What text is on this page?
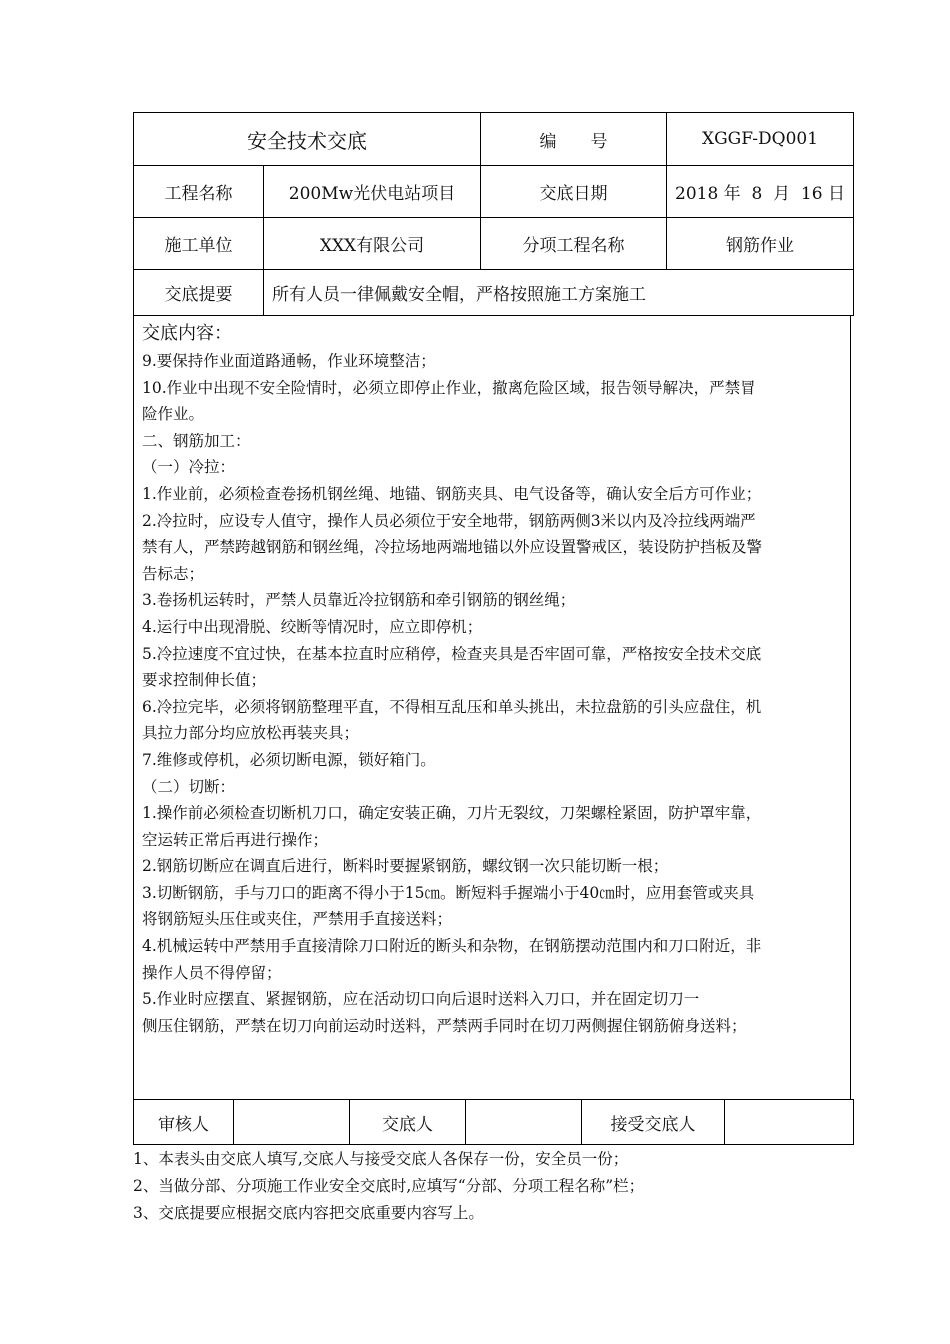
安全技术交底		编　　号	XGGF-DQ001
工程名称	200Mw光伏电站项目	交底日期	2018 年  8  月  16 日
施工单位	XXX有限公司	分项工程名称	钢筋作业
交底提要	所有人员一律佩戴安全帽，严格按照施工方案施工		

交底内容：

9.要保持作业面道路通畅，作业环境整洁；

10.作业中出现不安全险情时，必须立即停止作业，撤离危险区域，报告领导解决，严禁冒

险作业。

二、钢筋加工：

（一）冷拉：

1.作业前，必须检查卷扬机钢丝绳、地锚、钢筋夹具、电气设备等，确认安全后方可作业；

2.冷拉时，应设专人值守，操作人员必须位于安全地带，钢筋两侧3米以内及冷拉线两端严

禁有人，严禁跨越钢筋和钢丝绳，冷拉场地两端地锚以外应设置警戒区，装设防护挡板及警

告标志；

3.卷扬机运转时，严禁人员靠近冷拉钢筋和牵引钢筋的钢丝绳；

4.运行中出现滑脱、绞断等情况时，应立即停机；

5.冷拉速度不宜过快，在基本拉直时应稍停，检查夹具是否牢固可靠，严格按安全技术交底

要求控制伸长值；

6.冷拉完毕，必须将钢筋整理平直，不得相互乱压和单头挑出，未拉盘筋的引头应盘住，机

具拉力部分均应放松再装夹具；

7.维修或停机，必须切断电源，锁好箱门。

（二）切断：

1.操作前必须检查切断机刀口，确定安装正确，刀片无裂纹，刀架螺栓紧固，防护罩牢靠，

空运转正常后再进行操作；

2.钢筋切断应在调直后进行，断料时要握紧钢筋，螺纹钢一次只能切断一根；

3.切断钢筋，手与刀口的距离不得小于15㎝。断短料手握端小于40㎝时，应用套管或夹具

将钢筋短头压住或夹住，严禁用手直接送料；

4.机械运转中严禁用手直接清除刀口附近的断头和杂物，在钢筋摆动范围内和刀口附近，非

操作人员不得停留；

5.作业时应摆直、紧握钢筋，应在活动切口向后退时送料入刀口，并在固定切刀一

侧压住钢筋，严禁在切刀向前运动时送料，严禁两手同时在切刀两侧握住钢筋俯身送料；

审核人		交底人		接受交底人	

1、本表头由交底人填写,交底人与接受交底人各保存一份，安全员一份；

2、当做分部、分项施工作业安全交底时,应填写“分部、分项工程名称”栏；

3、交底提要应根据交底内容把交底重要内容写上。
